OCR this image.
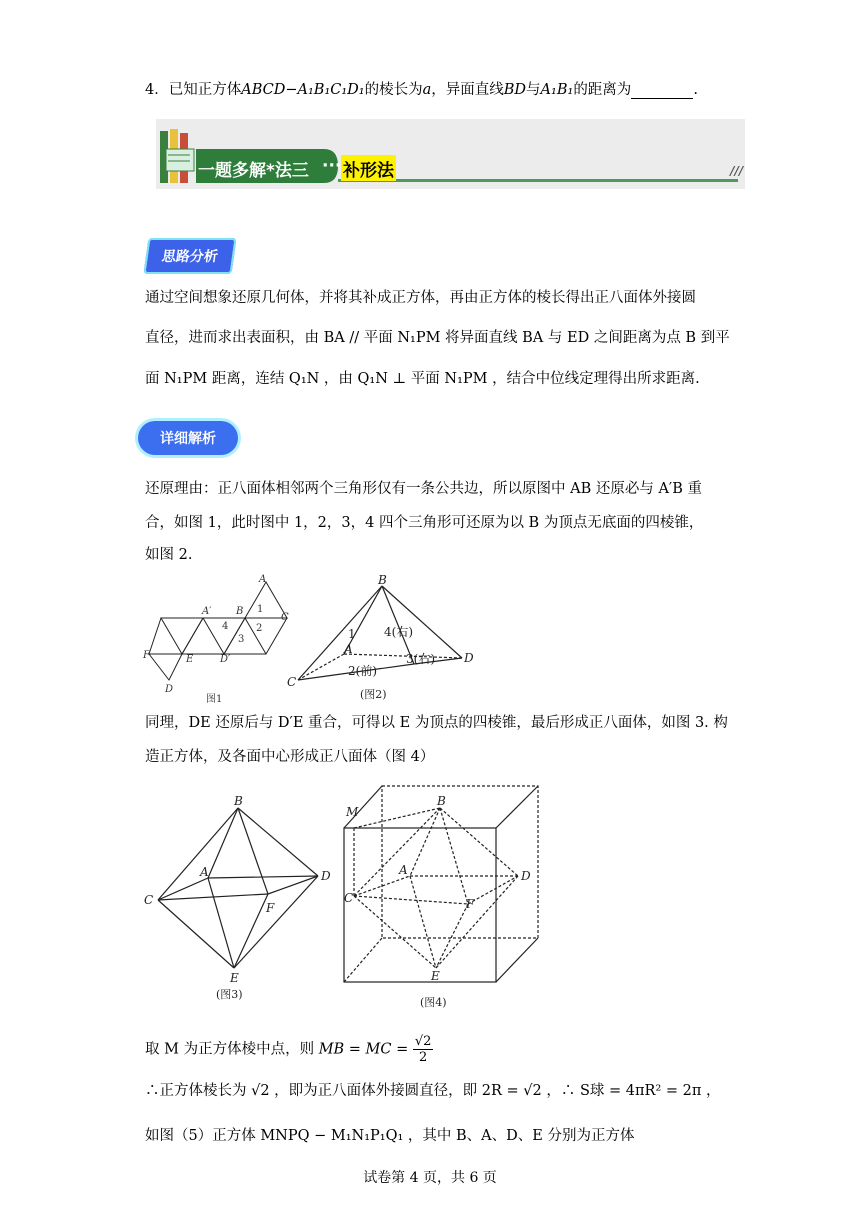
4．已知正方体ABCD−A₁B₁C₁D₁的棱长为a，异面直线BD与A₁B₁的距离为	.
///
一题多解*法三 ··· 补形法
思路分析
通过空间想象还原几何体，并将其补成正方体，再由正方体的棱长得出正八面体外接圆
直径，进而求出表面积，由 BA // 平面 N₁PM 将异面直线 BA 与 ED 之间距离为点 B 到平
面 N₁PM 距离，连结 Q₁N ，由 Q₁N ⊥ 平面 N₁PM ，结合中位线定理得出所求距离.
详细解析
还原理由：正八面体相邻两个三角形仅有一条公共边，所以原图中 AB 还原必与 A′B 重
合，如图 1，此时图中 1，2，3，4 四个三角形可还原为以 B 为顶点无底面的四棱锥，
如图 2.
A
A′ B
C
1
2
3
4
F	E	D′
D
图1
B
A
C
D
1
2(前)
3(右)
4(右)
(图2)
同理，DE 还原后与 D′E 重合，可得以 E 为顶点的四棱锥，最后形成正八面体，如图 3. 构
造正方体，及各面中心形成正八面体（图 4）
B
A
C
D
F
E
(图3)
M
B
A
C
D
F
E
(图4)
取 M 为正方体棱中点，则 MB = MC = $\frac{√2}{2}$
∴正方体棱长为 √2 ，即为正八面体外接圆直径，即 2R = √2 ，∴ S球 = 4πR² = 2π ，
如图（5）正方体 MNPQ − M₁N₁P₁Q₁ ，其中 B、A、D、E 分别为正方体
试卷第 4 页，共 6 页
